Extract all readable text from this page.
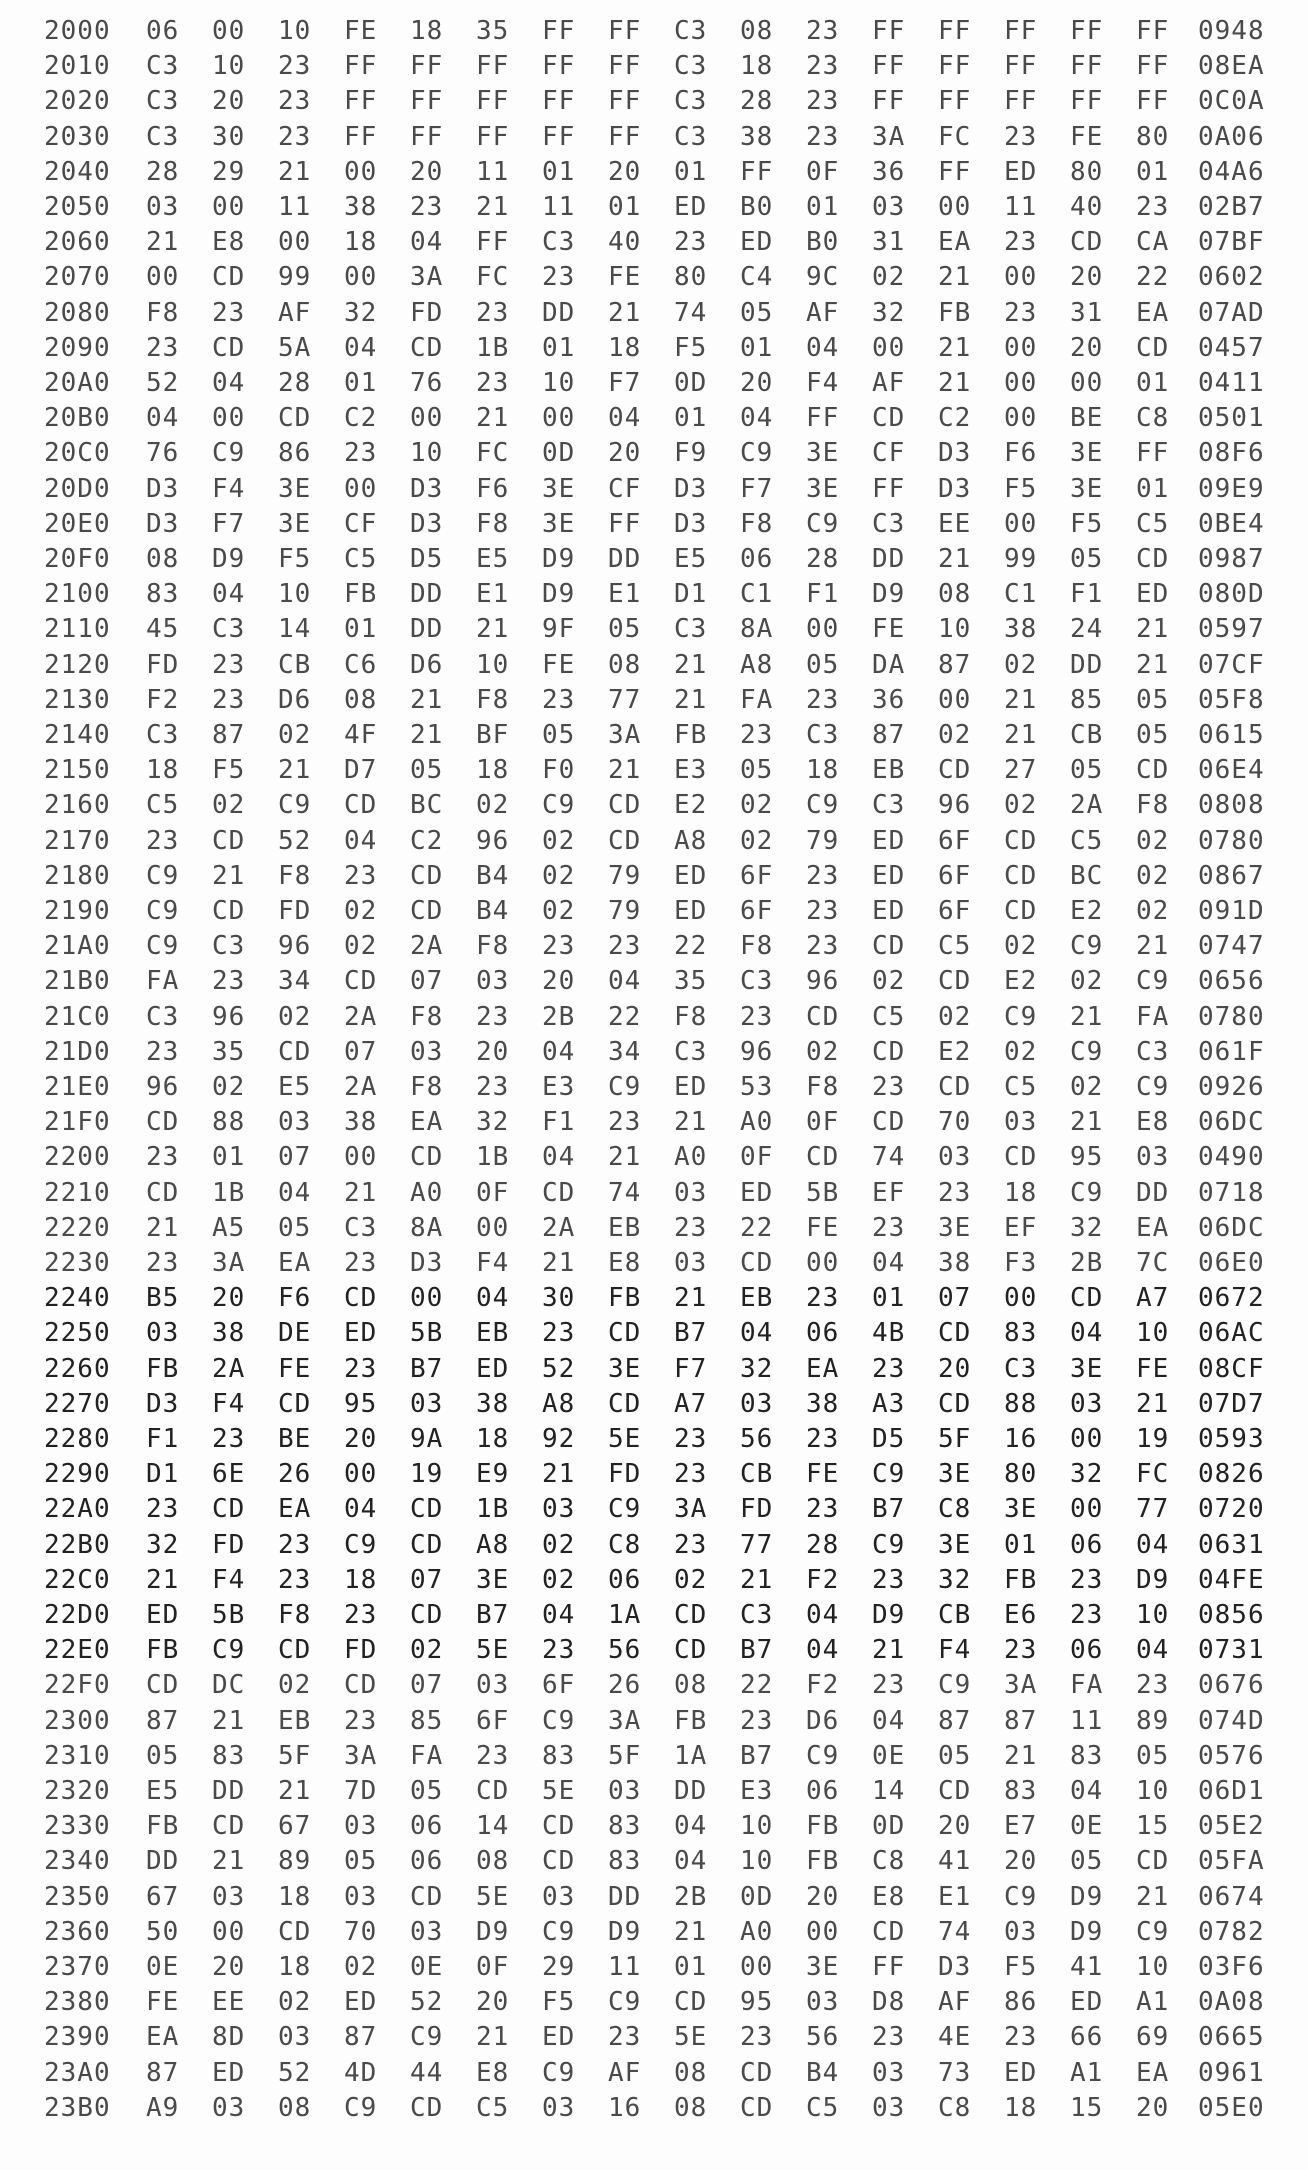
2000 06 00 10 FE 18 35 FF FF C3 08 23 FF FF FF FF FF 0948
2010 C3 10 23 FF FF FF FF FF C3 18 23 FF FF FF FF FF 08EA
2020 C3 20 23 FF FF FF FF FF C3 28 23 FF FF FF FF FF 0C0A
2030 C3 30 23 FF FF FF FF FF C3 38 23 3A FC 23 FE 80 0A06
2040 28 29 21 00 20 11 01 20 01 FF 0F 36 FF ED 80 01 04A6
2050 03 00 11 38 23 21 11 01 ED B0 01 03 00 11 40 23 02B7
2060 21 E8 00 18 04 FF C3 40 23 ED B0 31 EA 23 CD CA 07BF
2070 00 CD 99 00 3A FC 23 FE 80 C4 9C 02 21 00 20 22 0602
2080 F8 23 AF 32 FD 23 DD 21 74 05 AF 32 FB 23 31 EA 07AD
2090 23 CD 5A 04 CD 1B 01 18 F5 01 04 00 21 00 20 CD 0457
20A0 52 04 28 01 76 23 10 F7 0D 20 F4 AF 21 00 00 01 0411
20B0 04 00 CD C2 00 21 00 04 01 04 FF CD C2 00 BE C8 0501
20C0 76 C9 86 23 10 FC 0D 20 F9 C9 3E CF D3 F6 3E FF 08F6
20D0 D3 F4 3E 00 D3 F6 3E CF D3 F7 3E FF D3 F5 3E 01 09E9
20E0 D3 F7 3E CF D3 F8 3E FF D3 F8 C9 C3 EE 00 F5 C5 0BE4
20F0 08 D9 F5 C5 D5 E5 D9 DD E5 06 28 DD 21 99 05 CD 0987
2100 83 04 10 FB DD E1 D9 E1 D1 C1 F1 D9 08 C1 F1 ED 080D
2110 45 C3 14 01 DD 21 9F 05 C3 8A 00 FE 10 38 24 21 0597
2120 FD 23 CB C6 D6 10 FE 08 21 A8 05 DA 87 02 DD 21 07CF
2130 F2 23 D6 08 21 F8 23 77 21 FA 23 36 00 21 85 05 05F8
2140 C3 87 02 4F 21 BF 05 3A FB 23 C3 87 02 21 CB 05 0615
2150 18 F5 21 D7 05 18 F0 21 E3 05 18 EB CD 27 05 CD 06E4
2160 C5 02 C9 CD BC 02 C9 CD E2 02 C9 C3 96 02 2A F8 0808
2170 23 CD 52 04 C2 96 02 CD A8 02 79 ED 6F CD C5 02 0780
2180 C9 21 F8 23 CD B4 02 79 ED 6F 23 ED 6F CD BC 02 0867
2190 C9 CD FD 02 CD B4 02 79 ED 6F 23 ED 6F CD E2 02 091D
21A0 C9 C3 96 02 2A F8 23 23 22 F8 23 CD C5 02 C9 21 0747
21B0 FA 23 34 CD 07 03 20 04 35 C3 96 02 CD E2 02 C9 0656
21C0 C3 96 02 2A F8 23 2B 22 F8 23 CD C5 02 C9 21 FA 0780
21D0 23 35 CD 07 03 20 04 34 C3 96 02 CD E2 02 C9 C3 061F
21E0 96 02 E5 2A F8 23 E3 C9 ED 53 F8 23 CD C5 02 C9 0926
21F0 CD 88 03 38 EA 32 F1 23 21 A0 0F CD 70 03 21 E8 06DC
2200 23 01 07 00 CD 1B 04 21 A0 0F CD 74 03 CD 95 03 0490
2210 CD 1B 04 21 A0 0F CD 74 03 ED 5B EF 23 18 C9 DD 0718
2220 21 A5 05 C3 8A 00 2A EB 23 22 FE 23 3E EF 32 EA 06DC
2230 23 3A EA 23 D3 F4 21 E8 03 CD 00 04 38 F3 2B 7C 06E0
2240 B5 20 F6 CD 00 04 30 FB 21 EB 23 01 07 00 CD A7 0672
2250 03 38 DE ED 5B EB 23 CD B7 04 06 4B CD 83 04 10 06AC
2260 FB 2A FE 23 B7 ED 52 3E F7 32 EA 23 20 C3 3E FE 08CF
2270 D3 F4 CD 95 03 38 A8 CD A7 03 38 A3 CD 88 03 21 07D7
2280 F1 23 BE 20 9A 18 92 5E 23 56 23 D5 5F 16 00 19 0593
2290 D1 6E 26 00 19 E9 21 FD 23 CB FE C9 3E 80 32 FC 0826
22A0 23 CD EA 04 CD 1B 03 C9 3A FD 23 B7 C8 3E 00 77 0720
22B0 32 FD 23 C9 CD A8 02 C8 23 77 28 C9 3E 01 06 04 0631
22C0 21 F4 23 18 07 3E 02 06 02 21 F2 23 32 FB 23 D9 04FE
22D0 ED 5B F8 23 CD B7 04 1A CD C3 04 D9 CB E6 23 10 0856
22E0 FB C9 CD FD 02 5E 23 56 CD B7 04 21 F4 23 06 04 0731
22F0 CD DC 02 CD 07 03 6F 26 08 22 F2 23 C9 3A FA 23 0676
2300 87 21 EB 23 85 6F C9 3A FB 23 D6 04 87 87 11 89 074D
2310 05 83 5F 3A FA 23 83 5F 1A B7 C9 0E 05 21 83 05 0576
2320 E5 DD 21 7D 05 CD 5E 03 DD E3 06 14 CD 83 04 10 06D1
2330 FB CD 67 03 06 14 CD 83 04 10 FB 0D 20 E7 0E 15 05E2
2340 DD 21 89 05 06 08 CD 83 04 10 FB C8 41 20 05 CD 05FA
2350 67 03 18 03 CD 5E 03 DD 2B 0D 20 E8 E1 C9 D9 21 0674
2360 50 00 CD 70 03 D9 C9 D9 21 A0 00 CD 74 03 D9 C9 0782
2370 0E 20 18 02 0E 0F 29 11 01 00 3E FF D3 F5 41 10 03F6
2380 FE EE 02 ED 52 20 F5 C9 CD 95 03 D8 AF 86 ED A1 0A08
2390 EA 8D 03 87 C9 21 ED 23 5E 23 56 23 4E 23 66 69 0665
23A0 87 ED 52 4D 44 E8 C9 AF 08 CD B4 03 73 ED A1 EA 0961
23B0 A9 03 08 C9 CD C5 03 16 08 CD C5 03 C8 18 15 20 05E0
